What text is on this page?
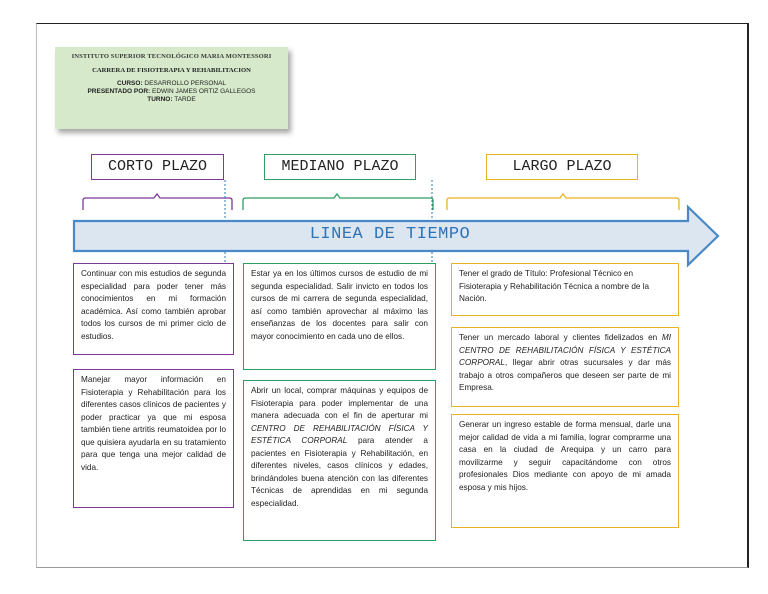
INSTITUTO SUPERIOR TECNOLÓGICO MARIA MONTESSORI
CARRERA DE FISIOTERAPIA Y REHABILITACION
CURSO: DESARROLLO PERSONAL
PRESENTADO POR: EDWIN JAMES ORTIZ GALLEGOS
TURNO: TARDE
CORTO PLAZO	MEDIANO PLAZO	LARGO PLAZO
LINEA DE TIEMPO
Continuar con mis estudios de segunda especialidad para poder tener más conocimientos en mi formación académica. Así como también aprobar todos los cursos de mi primer ciclo de estudios.
Manejar mayor información en Fisioterapia y Rehabilitación para los diferentes casos clínicos de pacientes y poder practicar ya que mi esposa también tiene artritis reumatoidea por lo que quisiera ayudarla en su tratamiento para que tenga una mejor calidad de vida.
Estar ya en los últimos cursos de estudio de mi segunda especialidad. Salir invicto en todos los cursos de mi carrera de segunda especialidad, así como también aprovechar al máximo las enseñanzas de los docentes para salir con mayor conocimiento en cada uno de ellos.
Abrir un local, comprar máquinas y equipos de Fisioterapia para poder implementar de una manera adecuada con el fin de aperturar mi CENTRO DE REHABILITACIÓN FÍSICA Y ESTÉTICA CORPORAL para atender a pacientes en Fisioterapia y Rehabilitación, en diferentes niveles, casos clínicos y edades, brindándoles buena atención con las diferentes Técnicas de aprendidas en mi segunda especialidad.
Tener el grado de Título: Profesional Técnico en Fisioterapia y Rehabilitación Técnica a nombre de la Nación.
Tener un mercado laboral y clientes fidelizados en MI CENTRO DE REHABILITACIÓN FÍSICA Y ESTÉTICA CORPORAL, llegar abrir otras sucursales y dar más trabajo a otros compañeros que deseen ser parte de mi Empresa.
Generar un ingreso estable de forma mensual, darle una mejor calidad de vida a mi familia, lograr comprarme una casa en la ciudad de Arequipa y un carro para movilizarme y seguir capacitándome con otros profesionales Dios mediante con apoyo de mi amada esposa y mis hijos.
